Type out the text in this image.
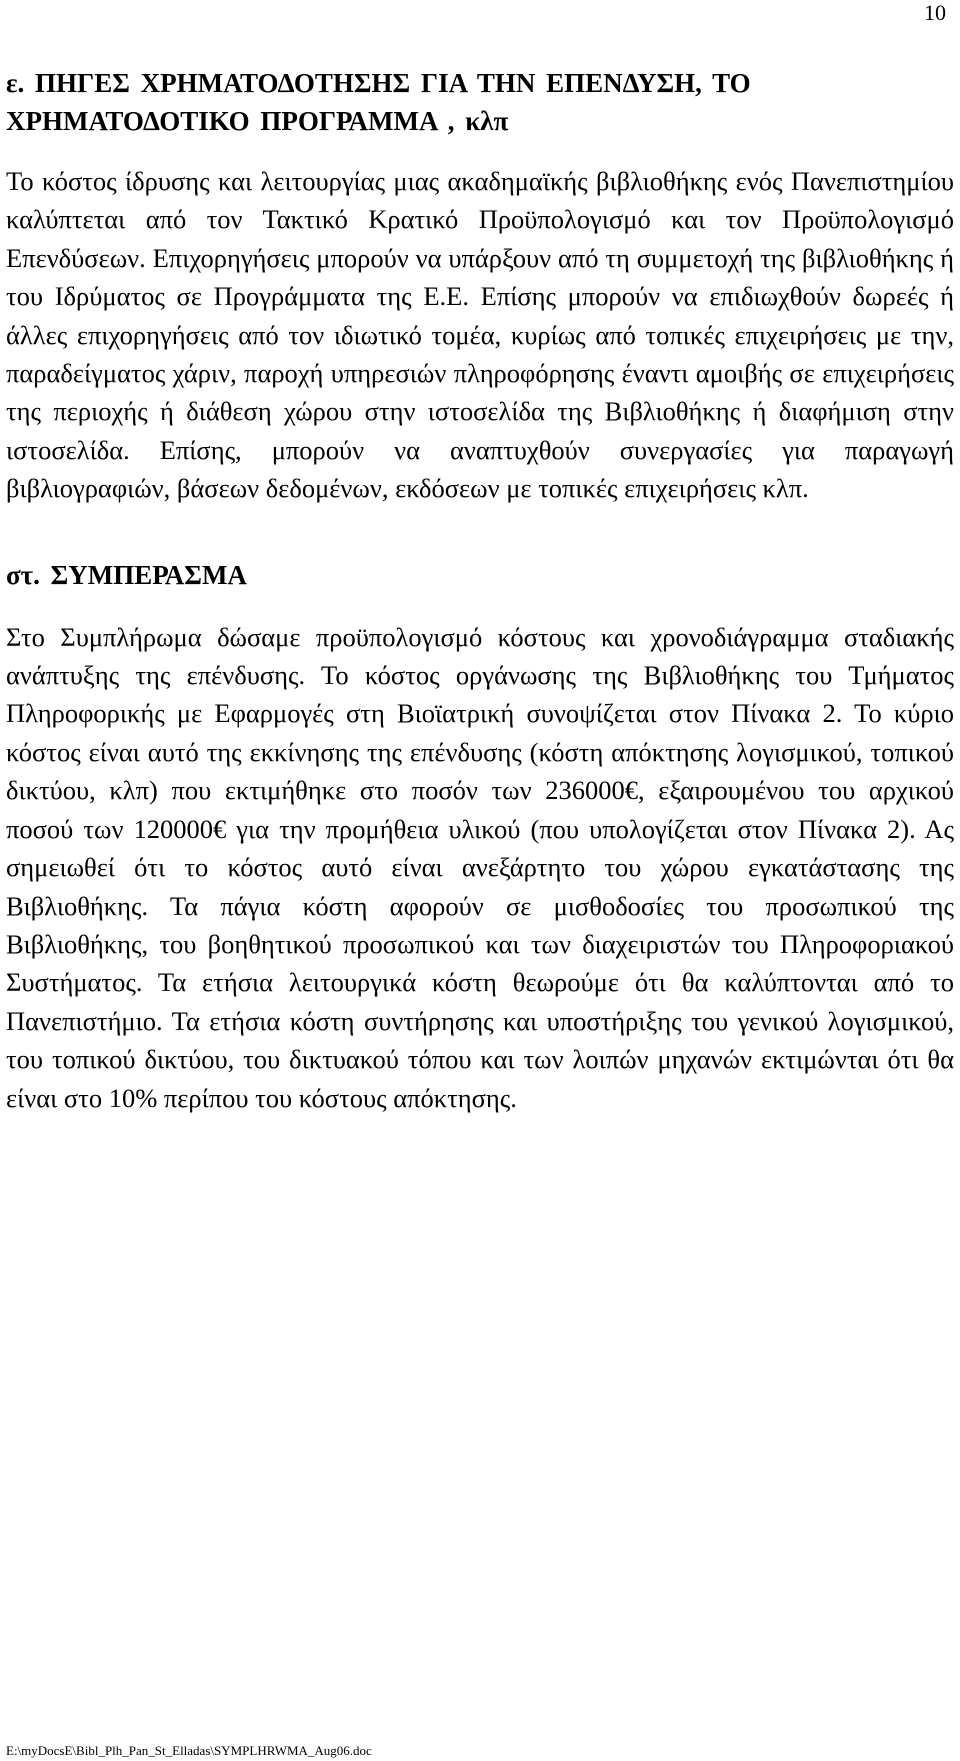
10
ε. ΠΗΓΕΣ ΧΡΗΜΑΤΟΔΟΤΗΣΗΣ ΓΙΑ ΤΗΝ ΕΠΕΝΔΥΣΗ, ΤΟ ΧΡΗΜΑΤΟΔΟΤΙΚΟ ΠΡΟΓΡΑΜΜΑ , κλπ

Το κόστος ίδρυσης και λειτουργίας μιας ακαδημαϊκής βιβλιοθήκης ενός Πανεπιστημίου καλύπτεται από τον Τακτικό Κρατικό Προϋπολογισμό και τον Προϋπολογισμό Επενδύσεων. Επιχορηγήσεις μπορούν να υπάρξουν από τη συμμετοχή της βιβλιοθήκης ή του Ιδρύματος σε Προγράμματα της Ε.Ε. Επίσης μπορούν να επιδιωχθούν δωρεές ή άλλες επιχορηγήσεις από τον ιδιωτικό τομέα, κυρίως από τοπικές επιχειρήσεις με την, παραδείγματος χάριν, παροχή υπηρεσιών πληροφόρησης έναντι αμοιβής σε επιχειρήσεις της περιοχής ή διάθεση χώρου στην ιστοσελίδα της Βιβλιοθήκης ή διαφήμιση στην ιστοσελίδα. Επίσης, μπορούν να αναπτυχθούν συνεργασίες για παραγωγή βιβλιογραφιών, βάσεων δεδομένων, εκδόσεων με τοπικές επιχειρήσεις κλπ.

στ. ΣΥΜΠΕΡΑΣΜΑ

Στο Συμπλήρωμα δώσαμε προϋπολογισμό κόστους και χρονοδιάγραμμα σταδιακής ανάπτυξης της επένδυσης. Το κόστος οργάνωσης της Βιβλιοθήκης του Τμήματος Πληροφορικής με Εφαρμογές στη Βιοϊατρική συνοψίζεται στον Πίνακα 2. Το κύριο κόστος είναι αυτό της εκκίνησης της επένδυσης (κόστη απόκτησης λογισμικού, τοπικού δικτύου, κλπ) που εκτιμήθηκε στο ποσόν των 236000€, εξαιρουμένου του αρχικού ποσού των 120000€ για την προμήθεια υλικού (που υπολογίζεται στον Πίνακα 2). Ας σημειωθεί ότι το κόστος αυτό είναι ανεξάρτητο του χώρου εγκατάστασης της Βιβλιοθήκης. Τα πάγια κόστη αφορούν σε μισθοδοσίες του προσωπικού της Βιβλιοθήκης, του βοηθητικού προσωπικού και των διαχειριστών του Πληροφοριακού Συστήματος. Τα ετήσια λειτουργικά κόστη θεωρούμε ότι θα καλύπτονται από το Πανεπιστήμιο. Τα ετήσια κόστη συντήρησης και υποστήριξης του γενικού λογισμικού, του τοπικού δικτύου, του δικτυακού τόπου και των λοιπών μηχανών εκτιμώνται ότι θα είναι στο 10% περίπου του κόστους απόκτησης.

E:\myDocsE\Bibl_Plh_Pan_St_Elladas\SYMPLHRWMA_Aug06.doc
